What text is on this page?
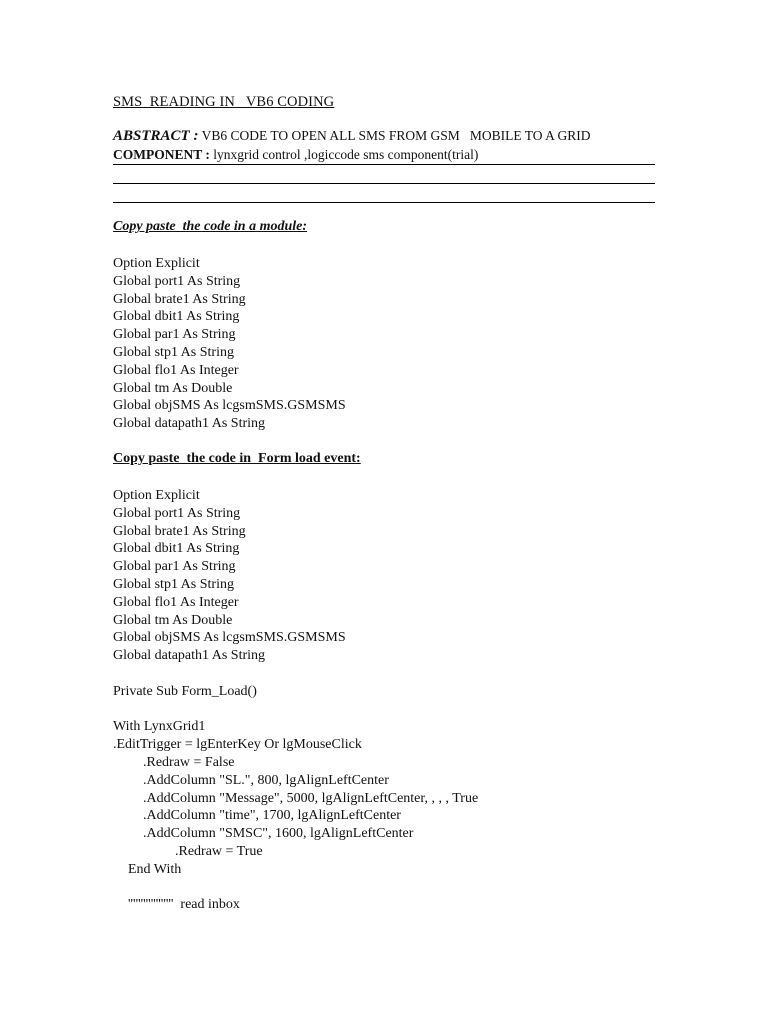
SMS  READING IN   VB6 CODING
ABSTRACT : VB6 CODE TO OPEN ALL SMS FROM GSM   MOBILE TO A GRID
COMPONENT : lynxgrid control ,logiccode sms component(trial)
Copy paste  the code in a module:
Option Explicit
Global port1 As String
Global brate1 As String
Global dbit1 As String
Global par1 As String
Global stp1 As String
Global flo1 As Integer
Global tm As Double
Global objSMS As lcgsmSMS.GSMSMS
Global datapath1 As String
Copy paste  the code in  Form load event:
Option Explicit
Global port1 As String
Global brate1 As String
Global dbit1 As String
Global par1 As String
Global stp1 As String
Global flo1 As Integer
Global tm As Double
Global objSMS As lcgsmSMS.GSMSMS
Global datapath1 As String
Private Sub Form_Load()
With LynxGrid1
.EditTrigger = lgEnterKey Or lgMouseClick
.Redraw = False
.AddColumn "SL.", 800, lgAlignLeftCenter
.AddColumn "Message", 5000, lgAlignLeftCenter, , , , True
.AddColumn "time", 1700, lgAlignLeftCenter
.AddColumn "SMSC", 1600, lgAlignLeftCenter
.Redraw = True
End With
''''''''''''''''''  read inbox
